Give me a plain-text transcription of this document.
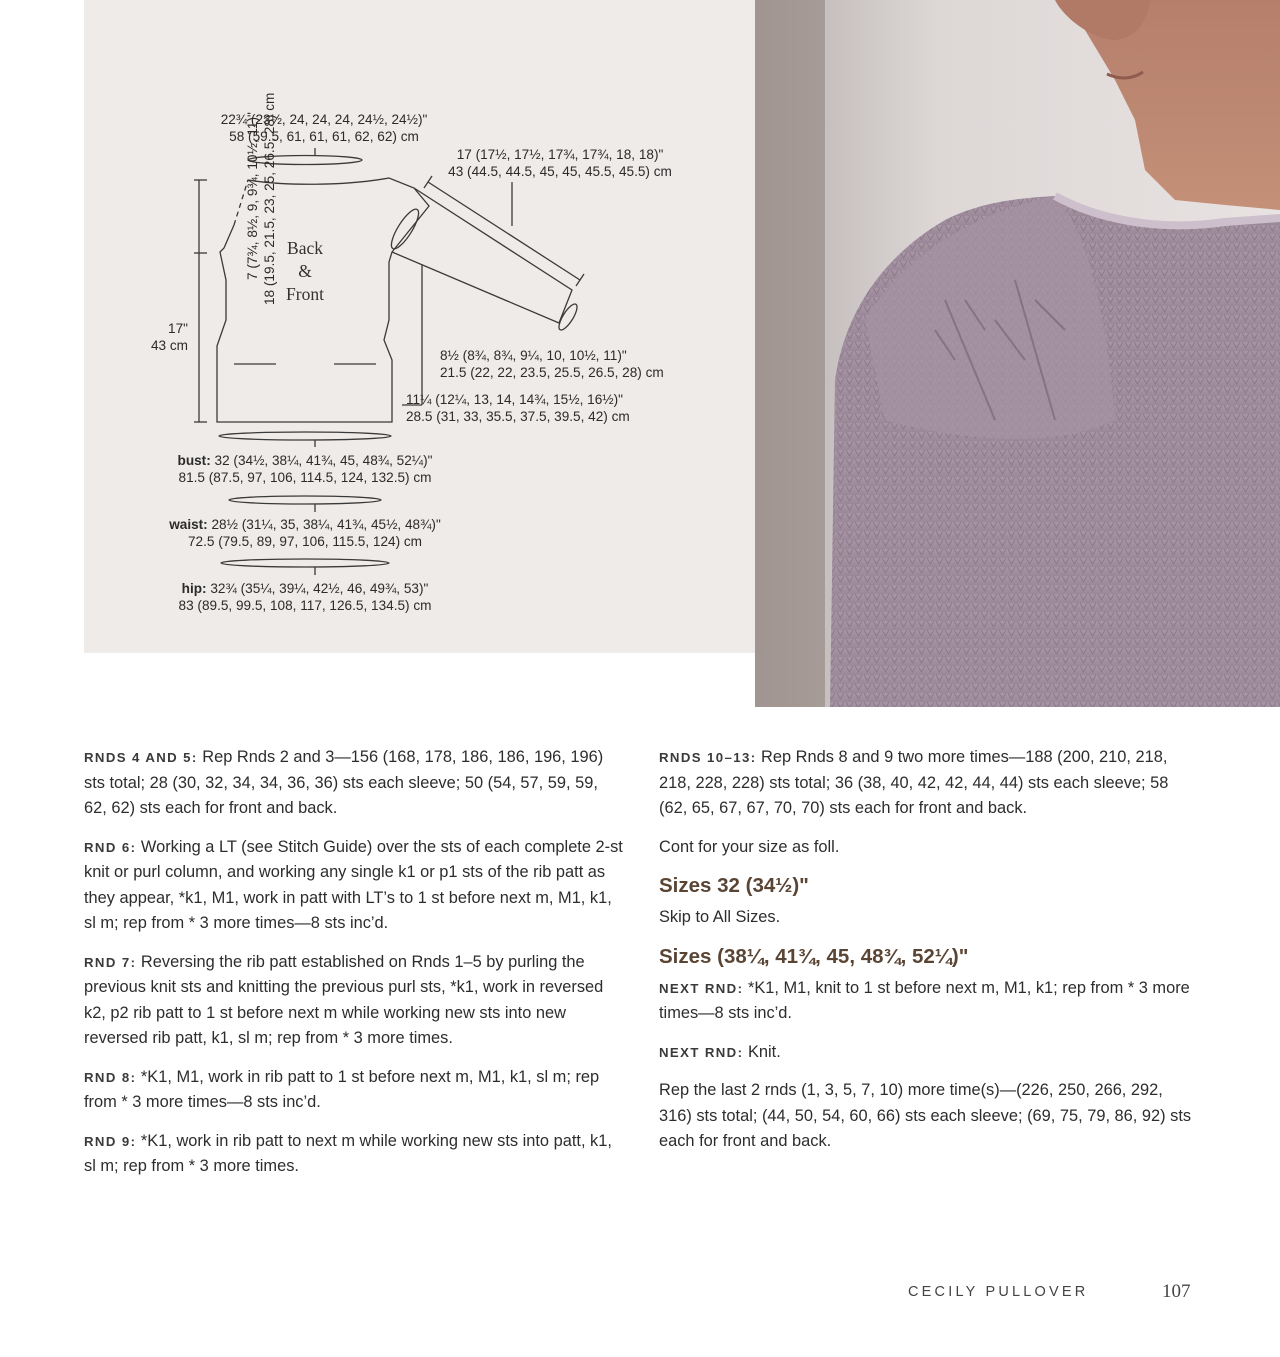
7 (7¾, 8½, 9, 9¾, 10½, 11)" 18 (19.5, 21.5, 23, 25, 26.5, 28) cm
22¾ (23½, 24, 24, 24, 24½, 24½)"
58 (59.5, 61, 61, 61, 62, 62) cm
17 (17½, 17½, 17¾, 17¾, 18, 18)"
43 (44.5, 44.5, 45, 45, 45.5, 45.5) cm
Back
&
Front
17"
43 cm
8½ (8¾, 8¾, 9¼, 10, 10½, 11)"
21.5 (22, 22, 23.5, 25.5, 26.5, 28) cm
11¼ (12¼, 13, 14, 14¾, 15½, 16½)"
28.5 (31, 33, 35.5, 37.5, 39.5, 42) cm
bust: 32 (34½, 38¼, 41¾, 45, 48¾, 52¼)"
81.5 (87.5, 97, 106, 114.5, 124, 132.5) cm
waist: 28½ (31¼, 35, 38¼, 41¾, 45½, 48¾)"
72.5 (79.5, 89, 97, 106, 115.5, 124) cm
hip: 32¾ (35¼, 39¼, 42½, 46, 49¾, 53)"
83 (89.5, 99.5, 108, 117, 126.5, 134.5) cm

RNDS 4 AND 5: Rep Rnds 2 and 3—156 (168, 178, 186, 186, 196, 196) sts total; 28 (30, 32, 34, 34, 36, 36) sts each sleeve; 50 (54, 57, 59, 59, 62, 62) sts each for front and back.

RND 6: Working a LT (see Stitch Guide) over the sts of each complete 2-st knit or purl column, and working any single k1 or p1 sts of the rib patt as they appear, *k1, M1, work in patt with LT’s to 1 st before next m, M1, k1, sl m; rep from * 3 more times—8 sts inc’d.

RND 7: Reversing the rib patt established on Rnds 1–5 by purling the previous knit sts and knitting the previous purl sts, *k1, work in reversed k2, p2 rib patt to 1 st before next m while working new sts into new reversed rib patt, k1, sl m; rep from * 3 more times.

RND 8: *K1, M1, work in rib patt to 1 st before next m, M1, k1, sl m; rep from * 3 more times—8 sts inc’d.

RND 9: *K1, work in rib patt to next m while working new sts into patt, k1, sl m; rep from * 3 more times.

RNDS 10–13: Rep Rnds 8 and 9 two more times—188 (200, 210, 218, 218, 228, 228) sts total; 36 (38, 40, 42, 42, 44, 44) sts each sleeve; 58 (62, 65, 67, 67, 70, 70) sts each for front and back.

Cont for your size as foll.

Sizes 32 (34½)"

Skip to All Sizes.

Sizes (38¼, 41¾, 45, 48¾, 52¼)"

NEXT RND: *K1, M1, knit to 1 st before next m, M1, k1; rep from * 3 more times—8 sts inc’d.

NEXT RND: Knit.

Rep the last 2 rnds (1, 3, 5, 7, 10) more time(s)—(226, 250, 266, 292, 316) sts total; (44, 50, 54, 60, 66) sts each sleeve; (69, 75, 79, 86, 92) sts each for front and back.

CECILY PULLOVER	107
